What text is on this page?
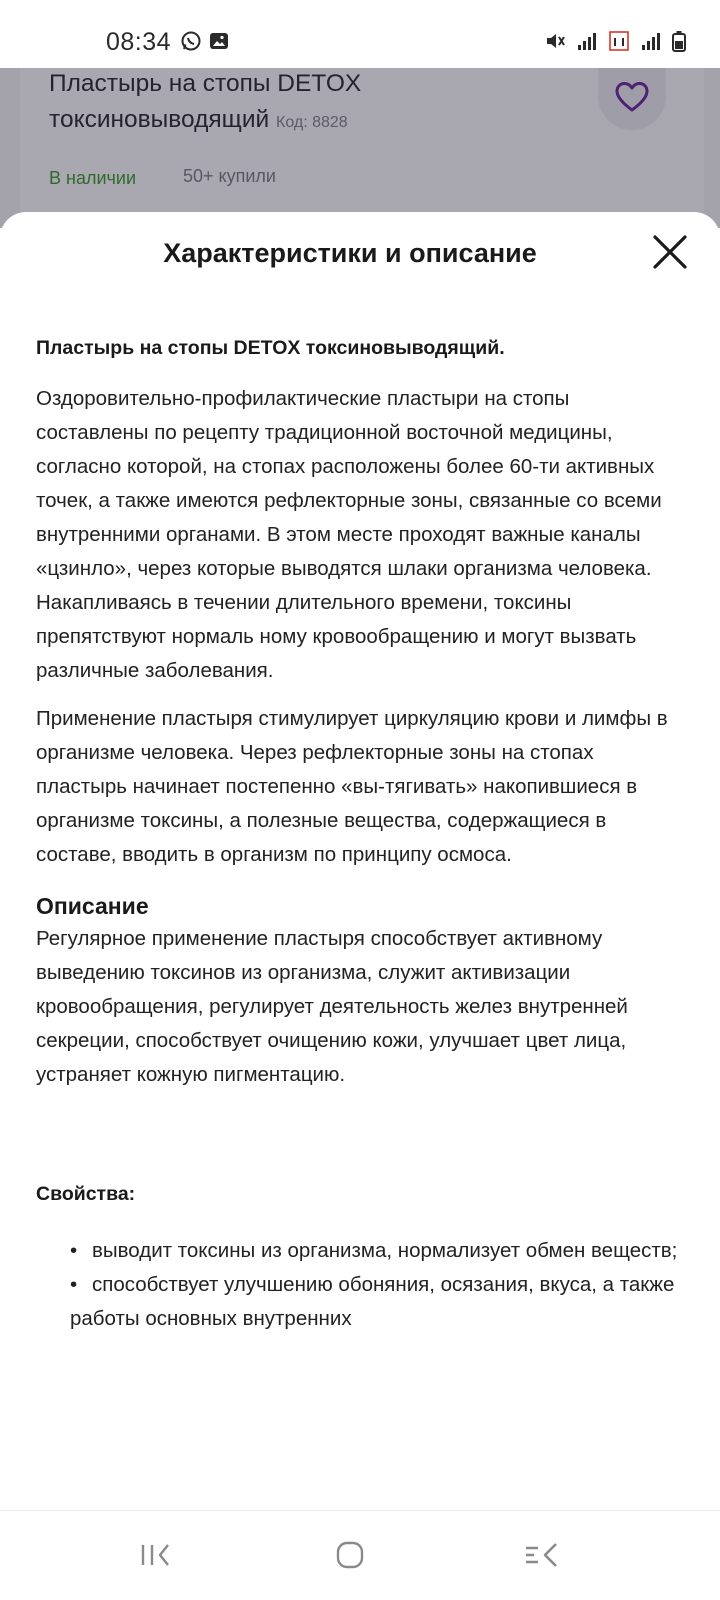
08:34
Пластырь на стопы DETOX токсиновыводящий Код: 8828
В наличии	50+ купили
Характеристики и описание
Пластырь на стопы DETOX токсиновыводящий.

Оздоровительно-профилактические пластыри на стопы составлены по рецепту традиционной восточной медицины, согласно которой, на стопах расположены более 60-ти активных точек, а также имеются рефлекторные зоны, связанные со всеми внутренними органами. В этом месте проходят важные каналы «цзинло», через которые выводятся шлаки организма человека. Накапливаясь в течении длительного времени, токсины препятствуют нормаль ному кровообращению и могут вызвать различные заболевания.

Применение пластыря стимулирует циркуляцию крови и лимфы в организме человека. Через рефлекторные зоны на стопах пластырь начинает постепенно «вы-тягивать» накопившиеся в организме токсины, а полезные вещества, содержащиеся в составе, вводить в организм по принципу осмоса.

Описание

Регулярное применение пластыря способствует активному выведению токсинов из организма, служит активизации кровообращения, регулирует деятельность желез внутренней секреции, способствует очищению кожи, улучшает цвет лица, устраняет кожную пигментацию.

Свойства:
• выводит токсины из организма, нормализует обмен веществ;
• способствует улучшению обоняния, осязания, вкуса, а также работы основных внутренних
